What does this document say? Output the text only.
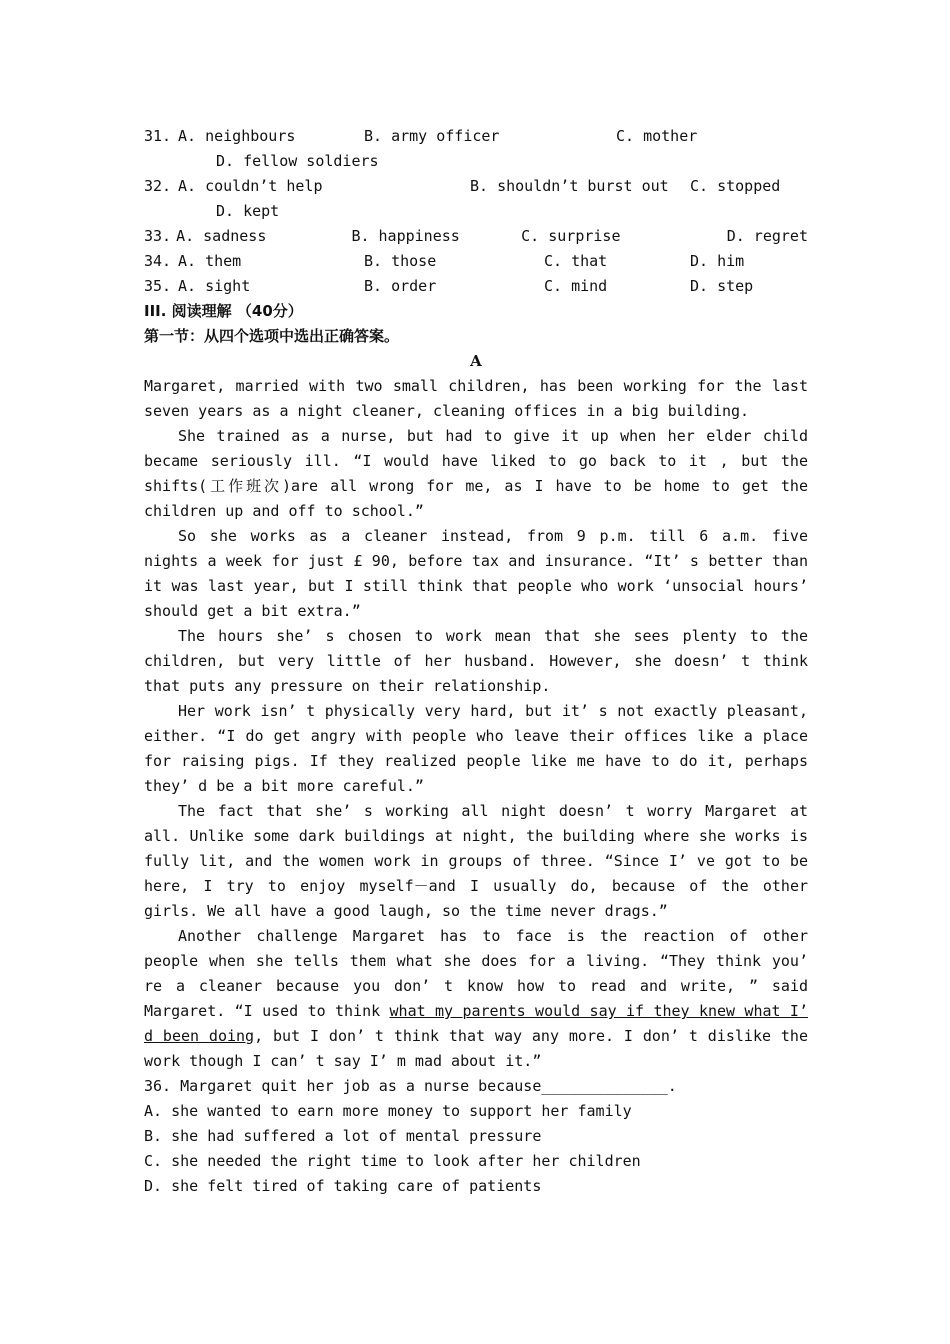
31. A. neighbours	B. army officer	C. mother
D. fellow soldiers
32. A. couldn’t help	B. shouldn’t burst out	C. stopped
D. kept
33. A. sadness	B. happiness	C. surprise	D. regret
34. A. them	B. those	C. that	D. him
35. A. sight	B. order	C. mind	D. step
III. 阅读理解 （40分）
第一节：从四个选项中选出正确答案。
A

Margaret, married with two small children, has been working for the last seven years as a night cleaner, cleaning offices in a big building.

She trained as a nurse, but had to give it up when her elder child became seriously ill. “I would have liked to go back to it , but the shifts(工作班次)are all wrong for me, as I have to be home to get the children up and off to school.”

So she works as a cleaner instead, from 9 p.m. till 6 a.m. five nights a week for just £ 90, before tax and insurance. “It’ s better than it was last year, but I still think that people who work ‘unsocial hours’ should get a bit extra.”

The hours she’ s chosen to work mean that she sees plenty to the children, but very little of her husband. However, she doesn’ t think that puts any pressure on their relationship.

Her work isn’ t physically very hard, but it’ s not exactly pleasant, either. “I do get angry with people who leave their offices like a place for raising pigs. If they realized people like me have to do it, perhaps they’ d be a bit more careful.”

The fact that she’ s working all night doesn’ t worry Margaret at all. Unlike some dark buildings at night, the building where she works is fully lit, and the women work in groups of three. “Since I’ ve got to be here, I try to enjoy myself－and I usually do, because of the other girls. We all have a good laugh, so the time never drags.”

Another challenge Margaret has to face is the reaction of other people when she tells them what she does for a living. “They think you’ re a cleaner because you don’ t know how to read and write, ” said Margaret. “I used to think what my parents would say if they knew what I’ d been doing, but I don’ t think that way any more. I don’ t dislike the work though I can’ t say I’ m mad about it.”

36. Margaret quit her job as a nurse because______________.
A. she wanted to earn more money to support her family
B. she had suffered a lot of mental pressure
C. she needed the right time to look after her children
D. she felt tired of taking care of patients
